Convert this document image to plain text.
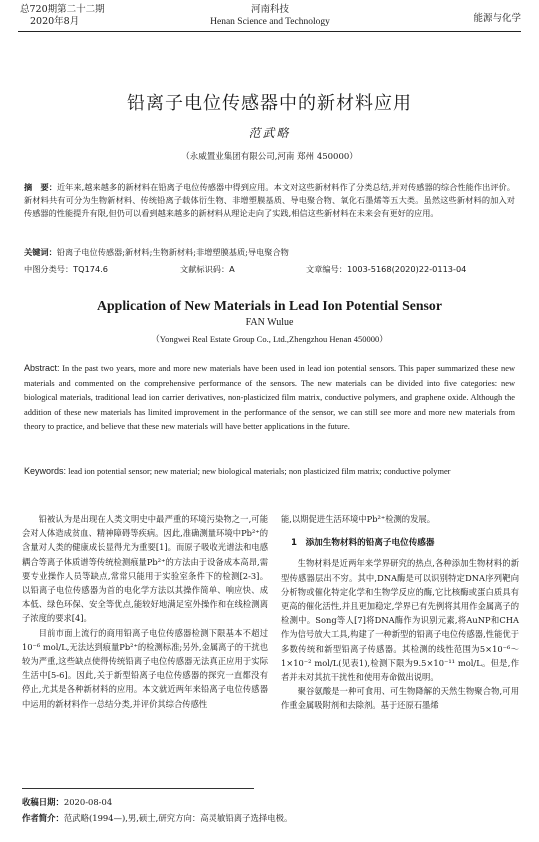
总720期第二十二期
2020年8月
河南科技
Henan Science and Technology	能源与化学
铅离子电位传感器中的新材料应用
范武略
（永威置业集团有限公司,河南 郑州 450000）
摘　要：近年来,越来越多的新材料在铅离子电位传感器中得到应用。本文对这些新材料作了分类总结,并对传感器的综合性能作出评价。新材料共有可分为生物新材料、传统铅离子载体衍生物、非增塑膜基质、导电聚合物、氧化石墨烯等五大类。虽然这些新材料的加入对传感器的性能提升有限,但仍可以看到越来越多的新材料从理论走向了实践,相信这些新材料在未来会有更好的应用。
关键词：铅离子电位传感器;新材料;生物新材料;非增塑膜基质;导电聚合物
中图分类号：TQ174.6	文献标识码：A	文章编号：1003-5168(2020)22-0113-04
Application of New Materials in Lead Ion Potential Sensor
FAN Wulue
（Yongwei Real Estate Group Co., Ltd.,Zhengzhou Henan 450000）
Abstract: In the past two years, more and more new materials have been used in lead ion potential sensors. This paper summarized these new materials and commented on the comprehensive performance of the sensors. The new materials can be divided into five categories: new biological materials, traditional lead ion carrier derivatives, non-plasticized film matrix, conductive polymers, and graphene oxide. Although the addition of these new materials has limited improvement in the performance of the sensor, we can still see more and more new materials from theory to practice, and believe that these new materials will have better applications in the future.
Keywords: lead ion potential sensor; new material; new biological materials; non plasticized film matrix; conductive polymer

铅被认为是出现在人类文明史中最严重的环境污染物之一,可能会对人体造成贫血、精神障碍等疾病。因此,准确测量环境中Pb²⁺的含量对人类的健康成长显得尤为重要[1]。而原子吸收光谱法和电感耦合等离子体质谱等传统检测痕量Pb²⁺的方法由于设备成本高昂,需要专业操作人员等缺点,常常只能用于实验室条件下的检测[2-3]。以铅离子电位传感器为首的电化学方法以其操作简单、响应快、成本低、绿色环保、安全等优点,能较好地满足室外操作和在线检测离子浓度的要求[4]。

目前市面上流行的商用铅离子电位传感器检测下限基本不超过10⁻⁶ mol/L,无法达到痕量Pb²⁺的检测标准;另外,金属离子的干扰也较为严重,这些缺点使得传统铅离子电位传感器无法真正应用于实际生活中[5-6]。因此,关于新型铅离子电位传感器的探究一直都没有停止,尤其是各种新材料的应用。本文就近两年来铅离子电位传感器中运用的新材料作一总结分类,并评价其综合传感性

能,以期促进生活环境中Pb²⁺检测的发展。

1　添加生物材料的铅离子电位传感器

生物材料是近两年来学界研究的热点,各种添加生物材料的新型传感器层出不穷。其中,DNA酶是可以识别特定DNA序列靶向分析物或催化特定化学和生物学反应的酶,它比核酶或蛋白质具有更高的催化活性,并且更加稳定,学界已有先例将其用作金属离子的检测中。Song等人[7]将DNA酶作为识别元素,将AuNP和CHA作为信号放大工具,构建了一种新型的铅离子电位传感器,性能优于多数传统和新型铅离子传感器。其检测的线性范围为5×10⁻⁶～1×10⁻² mol/L(见表1),检测下限为9.5×10⁻¹¹ mol/L。但是,作者并未对其抗干扰性和使用寿命做出说明。

聚谷氨酸是一种可食用、可生物降解的天然生物聚合物,可用作重金属吸附剂和去除剂。基于还原石墨烯

收稿日期：2020-08-04
作者简介：范武略(1994—),男,硕士,研究方向：高灵敏铅离子选择电极。
